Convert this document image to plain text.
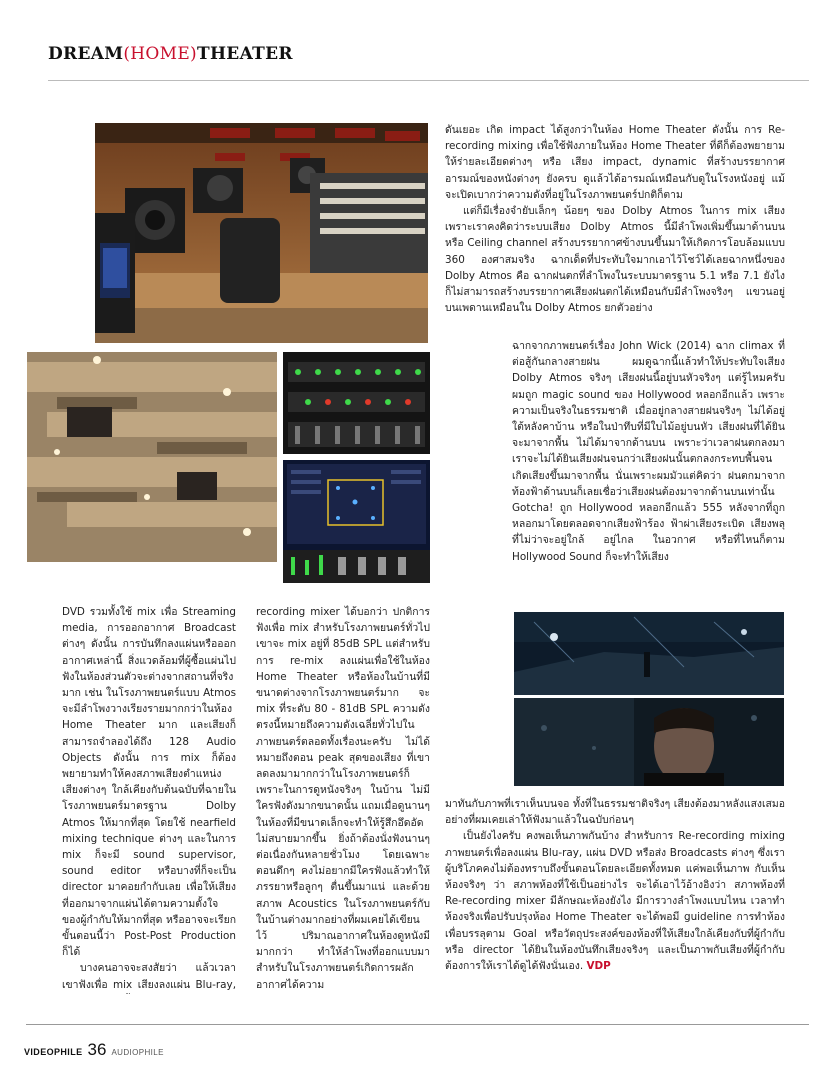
DREAM(HOME)THEATER

ดันเยอะ เกิด impact ได้สูงกว่าในห้อง Home Theater ดังนั้น การ Re-recording mixing เพื่อใช้ฟังภายในห้อง Home Theater ที่ดีก็ต้องพยายามให้ร่ายละเอียดต่างๆ หรือ เสียง impact, dynamic ที่สร้างบรรยากาศ อารมณ์ของหนังต่างๆ ยังครบ ดูแล้วได้อารมณ์เหมือนกับดูในโรงหนังอยู่ แม้จะเปิดเบากว่าความดังที่อยู่ในโรงภาพยนตร์ปกติก็ตาม

แต่ก็มีเรื่องจำยับเล็กๆ น้อยๆ ของ Dolby Atmos ในการ mix เสียง เพราะเราคงคิดว่าระบบเสียง Dolby Atmos นี้มีลำโพงเพิ่มขึ้นมาด้านบน หรือ Ceiling channel สร้างบรรยากาศข้างบนขึ้นมาให้เกิดการโอบล้อมแบบ 360 องศาสมจริง ฉากเด็ดที่ประทับใจมากเอาไว้โชว์ได้เลยฉากหนึ่งของ Dolby Atmos คือ ฉากฝนตกที่ลำโพงในระบบมาตรฐาน 5.1 หรือ 7.1 ยังไงก็ไม่สามารถสร้างบรรยากาศเสียงฝนตกได้เหมือนกับมีลำโพงจริงๆ แขวนอยู่บนเพดานเหมือนใน Dolby Atmos ยกตัวอย่าง

ฉากจากภาพยนตร์เรื่อง John Wick (2014) ฉาก climax ที่ต่อสู้กันกลางสายฝน ผมดูฉากนี้แล้วทำให้ประทับใจเสียง Dolby Atmos จริงๆ เสียงฝนนี้อยู่บนหัวจริงๆ แต่รู้ไหมครับ ผมถูก magic sound ของ Hollywood หลอกอีกแล้ว เพราะความเป็นจริงในธรรมชาติ เมื่ออยู่กลางสายฝนจริงๆ ไม่ได้อยู่ใต้หลังคาบ้าน หรือในป่าทึบที่มีใบไม้อยู่บนหัว เสียงฝนที่ได้ยินจะมาจากพื้น ไม่ได้มาจากด้านบน เพราะว่าเวลาฝนตกลงมา เราจะไม่ได้ยินเสียงฝนจนกว่าเสียงฝนนั้นตกลงกระทบพื้นจนเกิดเสียงขึ้นมาจากพื้น นั่นเพราะผมมัวแต่คิดว่า ฝนตกมาจากท้องฟ้าด้านบนก็เลยเชื่อว่าเสียงฝนต้องมาจากด้านบนเท่านั้น Gotcha! ถูก Hollywood หลอกอีกแล้ว 555 หลังจากที่ถูกหลอกมาโดยตลอดจากเสียงฟ้าร้อง ฟ้าผ่าเสียงระเบิด เสียงพลุ ที่ไม่ว่าจะอยู่ใกล้ อยู่ไกล ในอวกาศ หรือที่ไหนก็ตาม Hollywood Sound ก็จะทำให้เสียง

DVD รวมทั้งใช้ mix เพื่อ Streaming media, การออกอากาศ Broadcast ต่างๆ ดังนั้น การบันทึกลงแผ่นหรือออกอากาศเหล่านี้ สิ่งแวดล้อมที่ผู้ซื้อแผ่นไปฟังในห้องส่วนตัวจะต่างจากสถานที่จริงมาก เช่น ในโรงภาพยนตร์แบบ Atmos จะมีลำโพงวางเรียงรายมากกว่าในห้อง Home Theater มาก และเสียงก็สามารถจำลองได้ถึง 128 Audio Objects ดังนั้น การ mix ก็ต้องพยายามทำให้คงสภาพเสียงตำแหน่งเสียงต่างๆ ใกล้เคียงกับต้นฉบับที่ฉายในโรงภาพยนตร์มาตรฐาน Dolby Atmos ให้มากที่สุด โดยใช้ nearfield mixing technique ต่างๆ และในการ mix ก็จะมี sound supervisor, sound editor หรือบางที่ก็จะเป็น director มาคอยกำกับเลย เพื่อให้เสียงที่ออกมาจากแผ่นได้ตามความตั้งใจของผู้กำกับให้มากที่สุด หรืออาจจะเรียกขั้นตอนนี้ว่า Post-Post Production ก็ได้

บางคนอาจจะสงสัยว่า แล้วเวลาเขาฟังเพื่อ mix เสียงลงแผ่น Blu-ray,

recording mixer ได้บอกว่า ปกติการฟังเพื่อ mix สำหรับโรงภาพยนตร์ทั่วไป เขาจะ mix อยู่ที่ 85dB SPL แต่สำหรับการ re-mix ลงแผ่นเพื่อใช้ในห้อง Home Theater หรือห้องในบ้านที่มีขนาดต่างจากโรงภาพยนตร์มาก จะ mix ที่ระดับ 80 - 81dB SPL ความดังตรงนี้หมายถึงความดังเฉลี่ยทั่วไปในภาพยนตร์ตลอดทั้งเรื่องนะครับ ไม่ได้หมายถึงตอน peak สุดของเสียง ที่เขาลดลงมามากกว่าในโรงภาพยนตร์ก็เพราะในการดูหนังจริงๆ ในบ้าน ไม่มีใครฟังดังมากขนาดนั้น แถมเมื่อดูนานๆ ในห้องที่มีขนาดเล็กจะทำให้รู้สึกอึดอัด ไม่สบายมากขึ้น ยิ่งถ้าต้องนั่งฟังนานๆ ต่อเนื่องกันหลายชั่วโมง โดยเฉพาะตอนดึกๆ คงไม่อยากมีใครฟังแล้วทำให้ภรรยาหรือลูกๆ ตื่นขึ้นมาแน่ และด้วยสภาพ Acoustics ในโรงภาพยนตร์กับในบ้านต่างมากอย่างที่ผมเคยได้เขียนไว้ ปริมาณอากาศในห้องดูหนังมีมากกว่า ทำให้ลำโพงที่ออกแบบมาสำหรับในโรงภาพยนตร์เกิดการผลักอากาศได้ความ

มาทันกับภาพที่เราเห็นบนจอ ทั้งที่ในธรรมชาติจริงๆ เสียงต้องมาหลังแสงเสมอ อย่างที่ผมเคยเล่าให้ฟังมาแล้วในฉบับก่อนๆ

เป็นยังไงครับ คงพอเห็นภาพกันบ้าง สำหรับการ Re-recording mixing ภาพยนตร์เพื่อลงแผ่น Blu-ray, แผ่น DVD หรือส่ง Broadcasts ต่างๆ ซึ่งเราผู้บริโภคคงไม่ต้องทราบถึงขั้นตอนโดยละเอียดทั้งหมด แค่พอเห็นภาพ กับเห็นห้องจริงๆ ว่า สภาพห้องที่ใช้เป็นอย่างไร จะได้เอาไว้อ้างอิงว่า สภาพห้องที่ Re-recording mixer มีลักษณะห้องยังไง มีการวางลำโพงแบบไหน เวลาทำห้องจริงเพื่อปรับปรุงห้อง Home Theater จะได้พอมี guideline การทำห้องเพื่อบรรลุตาม Goal หรือวัตถุประสงค์ของห้องที่ให้เสียงใกล้เคียงกับที่ผู้กำกับ หรือ director ได้ยินในห้องบันทึกเสียงจริงๆ และเป็นภาพกับเสียงที่ผู้กำกับต้องการให้เราได้ดูได้ฟังนั่นเอง. VDP

VIDEOPHILE 36 AUDIOPHILE
